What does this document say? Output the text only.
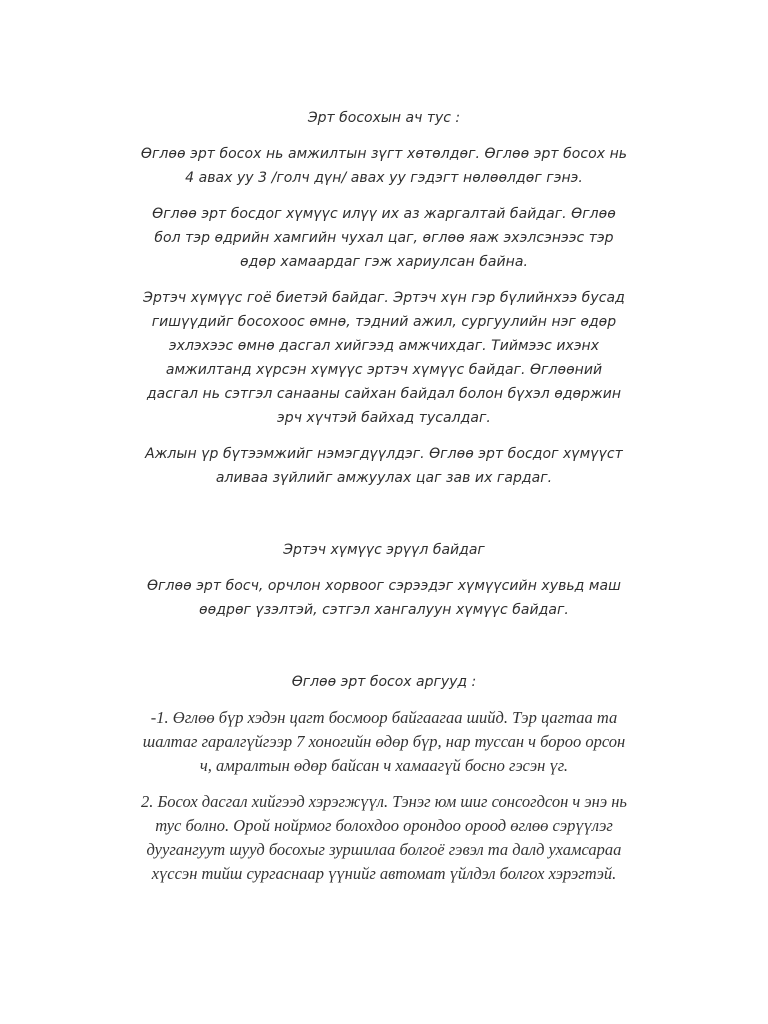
Эрт босохын ач тус :

Өглөө эрт босох нь амжилтын зүгт хөтөлдөг. Өглөө эрт босох нь 4 авах уу 3 /голч дүн/ авах уу гэдэгт нөлөөлдөг гэнэ.

Өглөө эрт босдог хүмүүс илүү их аз жаргалтай байдаг. Өглөө бол тэр өдрийн хамгийн чухал цаг, өглөө яаж эхэлсэнээс тэр өдөр хамаардаг гэж хариулсан байна.

Эртэч хүмүүс гоё биетэй байдаг. Эртэч хүн гэр бүлийнхээ бусад гишүүдийг босохоос өмнө, тэдний ажил, сургуулийн нэг өдөр эхлэхээс өмнө дасгал хийгээд амжчихдаг. Тиймээс ихэнх амжилтанд хүрсэн хүмүүс эртэч хүмүүс байдаг. Өглөөний дасгал нь сэтгэл санааны сайхан байдал болон бүхэл өдөржин эрч хүчтэй байхад тусалдаг.

Ажлын үр бүтээмжийг нэмэгдүүлдэг. Өглөө эрт босдог хүмүүст аливаа зүйлийг амжуулах цаг зав их гардаг.

Эртэч хүмүүс эрүүл байдаг

Өглөө эрт босч, орчлон хорвоог сэрээдэг хүмүүсийн хувьд маш өөдрөг үзэлтэй, сэтгэл хангалуун хүмүүс байдаг.

Өглөө эрт босох аргууд :

-1. Өглөө бүр хэдэн цагт босмоор байгаагаа шийд. Тэр цагтаа та шалтаг гаралгүйгээр 7 хоногийн өдөр бүр, нар туссан ч бороо орсон ч, амралтын өдөр байсан ч хамаагүй босно гэсэн үг.

2. Босох дасгал хийгээд хэрэгжүүл. Тэнэг юм шиг сонсогдсон ч энэ нь тус болно. Орой нойрмог болохдоо орондоо ороод өглөө сэрүүлэг дуугангуут шууд босохыг зуршилаа болгоё гэвэл та далд ухамсараа хүссэн тийш сургаснаар үүнийг автомат үйлдэл болгох хэрэгтэй.
